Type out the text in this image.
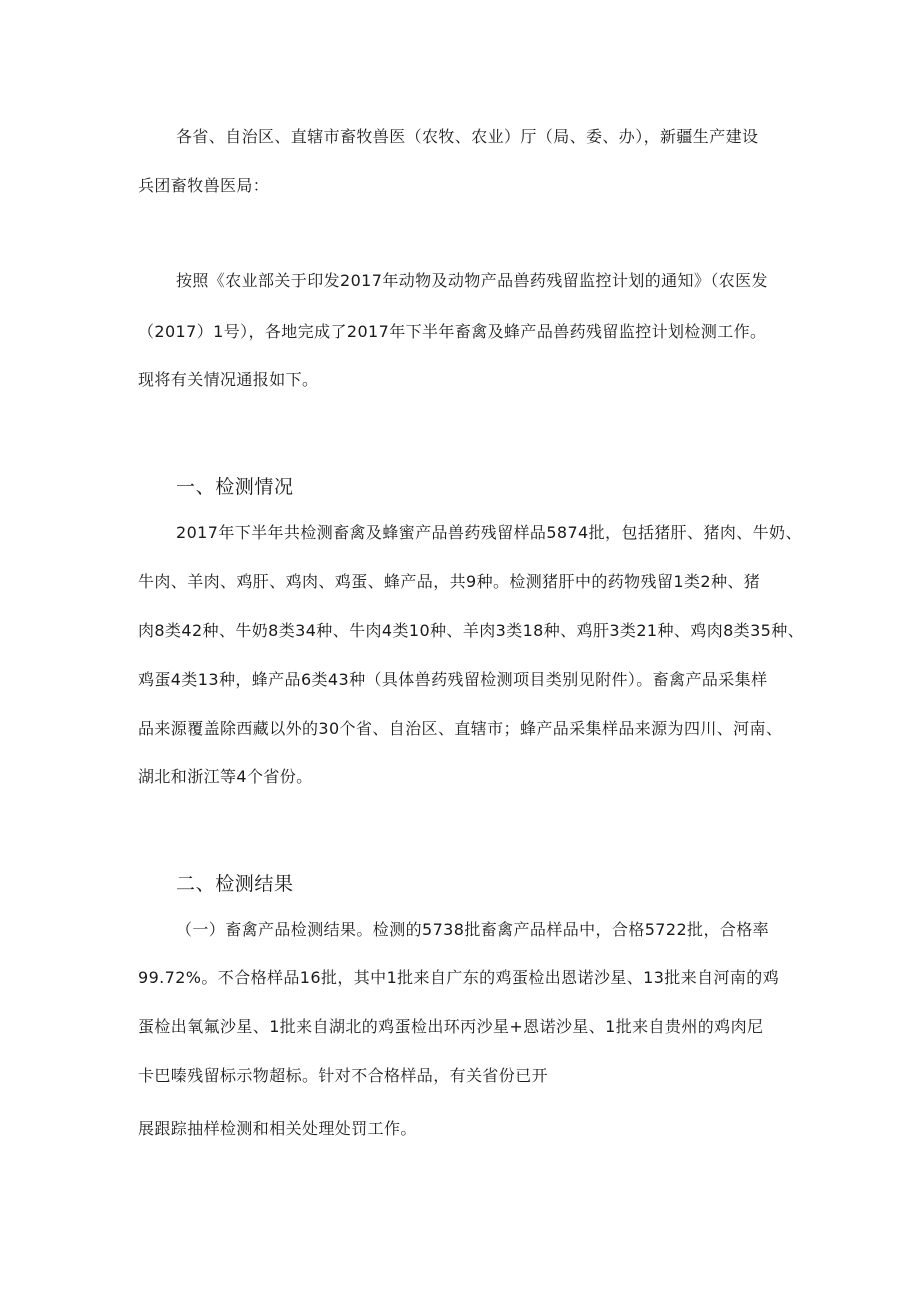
各省、自治区、直辖市畜牧兽医（农牧、农业）厅（局、委、办），新疆生产建设
兵团畜牧兽医局：
按照《农业部关于印发2017年动物及动物产品兽药残留监控计划的通知》（农医发
（2017）1号），各地完成了2017年下半年畜禽及蜂产品兽药残留监控计划检测工作。
现将有关情况通报如下。
一、检测情况
2017年下半年共检测畜禽及蜂蜜产品兽药残留样品5874批，包括猪肝、猪肉、牛奶、
牛肉、羊肉、鸡肝、鸡肉、鸡蛋、蜂产品，共9种。检测猪肝中的药物残留1类2种、猪
肉8类42种、牛奶8类34种、牛肉4类10种、羊肉3类18种、鸡肝3类21种、鸡肉8类35种、
鸡蛋4类13种，蜂产品6类43种（具体兽药残留检测项目类别见附件）。畜禽产品采集样
品来源覆盖除西藏以外的30个省、自治区、直辖市；蜂产品采集样品来源为四川、河南、
湖北和浙江等4个省份。
二、检测结果
（一）畜禽产品检测结果。检测的5738批畜禽产品样品中，合格5722批，合格率
99.72%。不合格样品16批，其中1批来自广东的鸡蛋检出恩诺沙星、13批来自河南的鸡
蛋检出氧氟沙星、1批来自湖北的鸡蛋检出环丙沙星+恩诺沙星、1批来自贵州的鸡肉尼
卡巴嗪残留标示物超标。针对不合格样品，有关省份已开
展跟踪抽样检测和相关处理处罚工作。
